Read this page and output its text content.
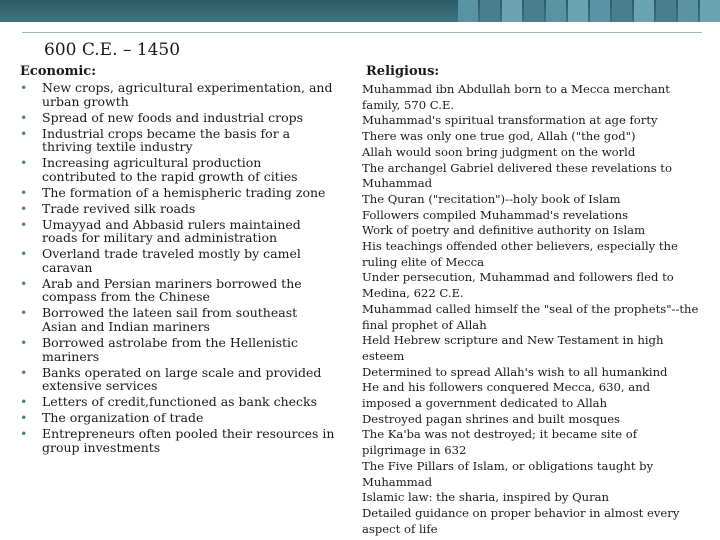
600 C.E. – 1450
Economic:
• New crops, agricultural experimentation, and urban growth
• Spread of new foods and industrial crops
• Industrial crops became the basis for a thriving textile industry
• Increasing agricultural production contributed to the rapid growth of cities
• The formation of a hemispheric trading zone
• Trade revived silk roads
• Umayyad and Abbasid rulers maintained roads for military and administration
• Overland trade traveled mostly by camel caravan
• Arab and Persian mariners borrowed the compass from the Chinese
• Borrowed the lateen sail from southeast Asian and Indian mariners
• Borrowed astrolabe from the Hellenistic mariners
• Banks operated on large scale and provided extensive services
• Letters of credit,functioned as bank checks
• The organization of trade
• Entrepreneurs often pooled their resources in group investments
Religious:
Muhammad ibn Abdullah born to a Mecca merchant family, 570 C.E.
Muhammad's spiritual transformation at age forty
There was only one true god, Allah ("the god")
Allah would soon bring judgment on the world
The archangel Gabriel delivered these revelations to Muhammad
The Quran ("recitation")--holy book of Islam
Followers compiled Muhammad's revelations
Work of poetry and definitive authority on Islam
His teachings offended other believers, especially the ruling elite of Mecca
Under persecution, Muhammad and followers fled to Medina, 622 C.E.
Muhammad called himself the "seal of the prophets"--the final prophet of Allah
Held Hebrew scripture and New Testament in high esteem
Determined to spread Allah's wish to all humankind
He and his followers conquered Mecca, 630, and imposed a government dedicated to Allah
Destroyed pagan shrines and built mosques
The Ka'ba was not destroyed; it became site of pilgrimage in 632
The Five Pillars of Islam, or obligations taught by Muhammad
Islamic law: the sharia, inspired by Quran
Detailed guidance on proper behavior in almost every aspect of life
